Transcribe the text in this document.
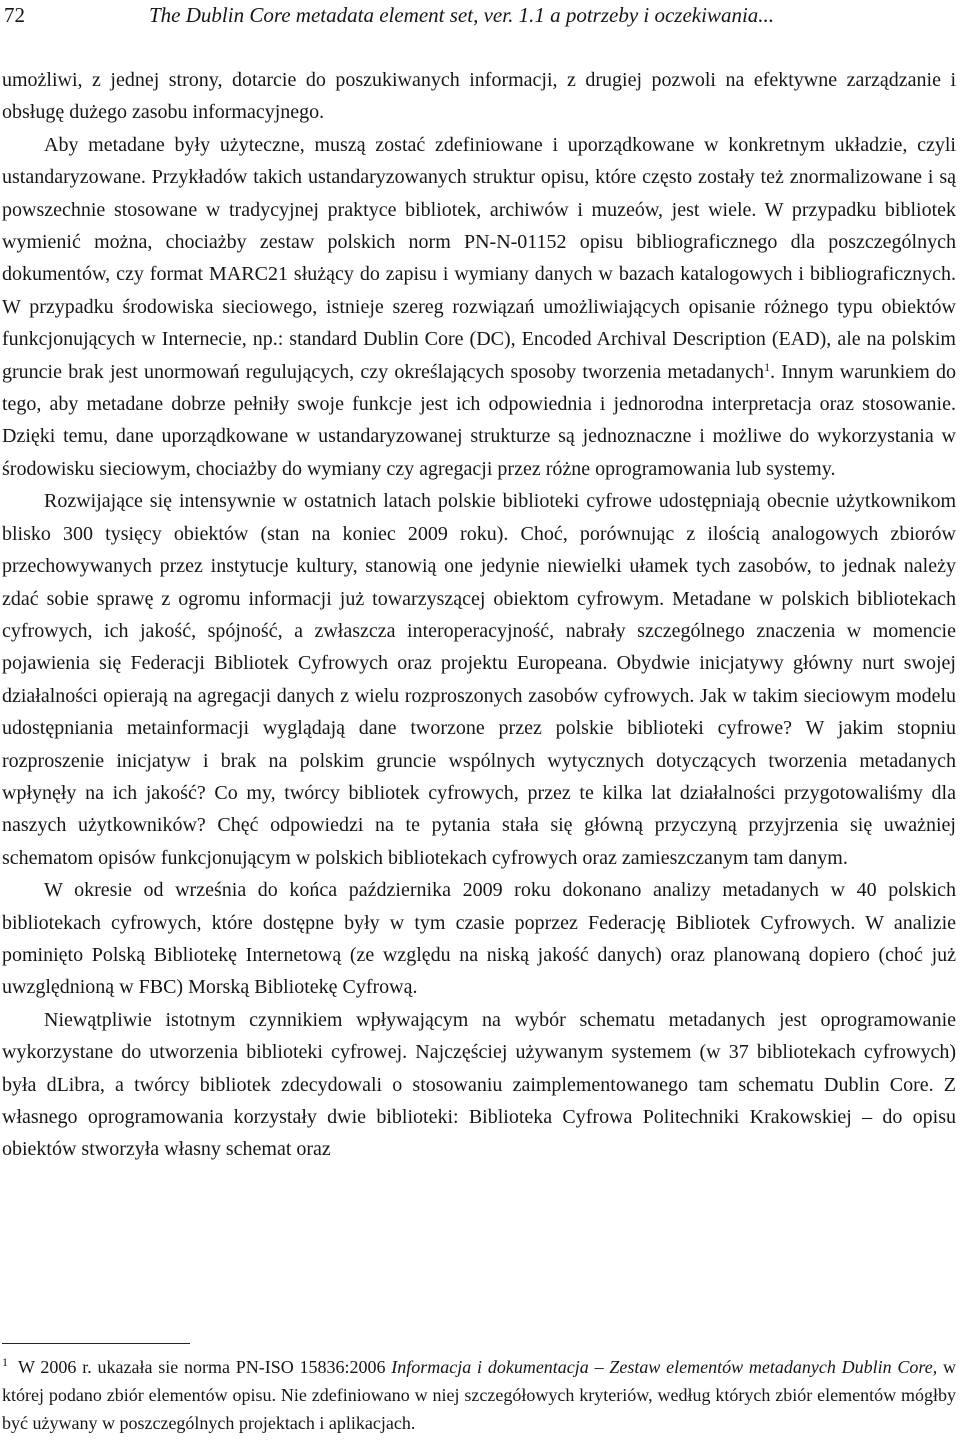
72	The Dublin Core metadata element set, ver. 1.1 a potrzeby i oczekiwania...

umożliwi, z jednej strony, dotarcie do poszukiwanych informacji, z drugiej pozwoli na efektywne zarządzanie i obsługę dużego zasobu informacyjnego.

Aby metadane były użyteczne, muszą zostać zdefiniowane i uporządkowane w konkretnym układzie, czyli ustandaryzowane. Przykładów takich ustandaryzowanych struktur opisu, które często zostały też znormalizowane i są powszechnie stosowane w tradycyjnej praktyce bibliotek, archiwów i muzeów, jest wiele. W przypadku bibliotek wymienić można, chociażby zestaw polskich norm PN-N-01152 opisu bibliograficznego dla poszczególnych dokumentów, czy format MARC21 służący do zapisu i wymiany danych w bazach katalogowych i bibliograficznych. W przypadku środowiska sieciowego, istnieje szereg rozwiązań umożliwiających opisanie różnego typu obiektów funkcjonujących w Internecie, np.: standard Dublin Core (DC), Encoded Archival Description (EAD), ale na polskim gruncie brak jest unormowań regulujących, czy określających sposoby tworzenia metadanych$^1$. Innym warunkiem do tego, aby metadane dobrze pełniły swoje funkcje jest ich odpowiednia i jednorodna interpretacja oraz stosowanie. Dzięki temu, dane uporządkowane w ustandaryzowanej strukturze są jednoznaczne i możliwe do wykorzystania w środowisku sieciowym, chociażby do wymiany czy agregacji przez różne oprogramowania lub systemy.

Rozwijające się intensywnie w ostatnich latach polskie biblioteki cyfrowe udostępniają obecnie użytkownikom blisko 300 tysięcy obiektów (stan na koniec 2009 roku). Choć, porównując z ilością analogowych zbiorów przechowywanych przez instytucje kultury, stanowią one jedynie niewielki ułamek tych zasobów, to jednak należy zdać sobie sprawę z ogromu informacji już towarzyszącej obiektom cyfrowym. Metadane w polskich bibliotekach cyfrowych, ich jakość, spójność, a zwłaszcza interoperacyjność, nabrały szczególnego znaczenia w momencie pojawienia się Federacji Bibliotek Cyfrowych oraz projektu Europeana. Obydwie inicjatywy główny nurt swojej działalności opierają na agregacji danych z wielu rozproszonych zasobów cyfrowych. Jak w takim sieciowym modelu udostępniania metainformacji wyglądają dane tworzone przez polskie biblioteki cyfrowe? W jakim stopniu rozproszenie inicjatyw i brak na polskim gruncie wspólnych wytycznych dotyczących tworzenia metadanych wpłynęły na ich jakość? Co my, twórcy bibliotek cyfrowych, przez te kilka lat działalności przygotowaliśmy dla naszych użytkowników? Chęć odpowiedzi na te pytania stała się główną przyczyną przyjrzenia się uważniej schematom opisów funkcjonującym w polskich bibliotekach cyfrowych oraz zamieszczanym tam danym.

W okresie od września do końca października 2009 roku dokonano analizy metadanych w 40 polskich bibliotekach cyfrowych, które dostępne były w tym czasie poprzez Federację Bibliotek Cyfrowych. W analizie pominięto Polską Bibliotekę Internetową (ze względu na niską jakość danych) oraz planowaną dopiero (choć już uwzględnioną w FBC) Morską Bibliotekę Cyfrową.

Niewątpliwie istotnym czynnikiem wpływającym na wybór schematu metadanych jest oprogramowanie wykorzystane do utworzenia biblioteki cyfrowej. Najczęściej używanym systemem (w 37 bibliotekach cyfrowych) była dLibra, a twórcy bibliotek zdecydowali o stosowaniu zaimplementowanego tam schematu Dublin Core. Z własnego oprogramowania korzystały dwie biblioteki: Biblioteka Cyfrowa Politechniki Krakowskiej – do opisu obiektów stworzyła własny schemat oraz

$^1$ W 2006 r. ukazała sie norma PN-ISO 15836:2006 Informacja i dokumentacja – Zestaw elementów metadanych Dublin Core, w której podano zbiór elementów opisu. Nie zdefiniowano w niej szczegółowych kryteriów, według których zbiór elementów mógłby być używany w poszczególnych projektach i aplikacjach.
